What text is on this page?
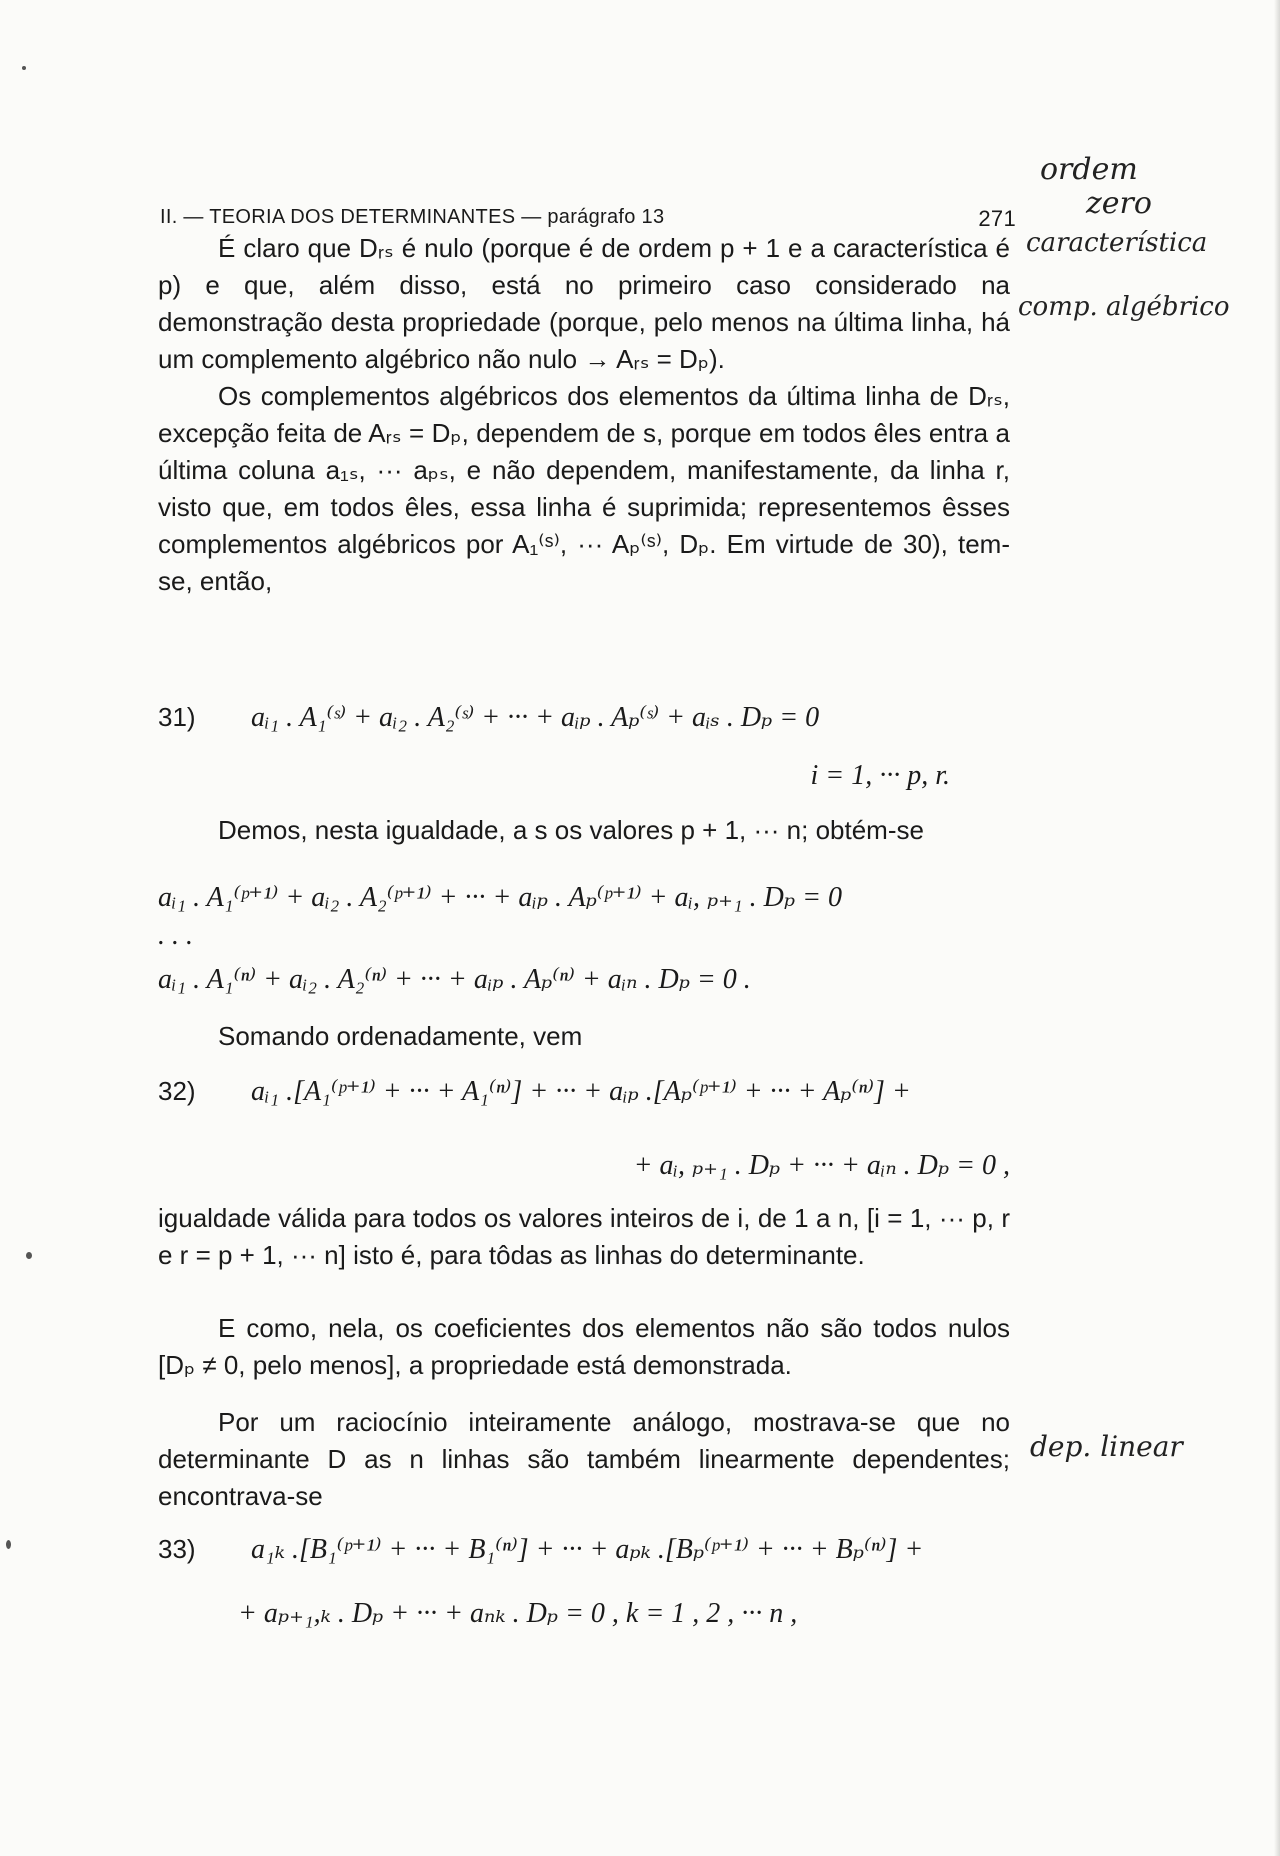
II. — TEORIA DOS DETERMINANTES — parágrafo 13	271

É claro que Dᵣₛ é nulo (porque é de ordem p + 1 e a característica é p) e que, além disso, está no primeiro caso considerado na demonstração desta propriedade (porque, pelo menos na última linha, há um complemento algébrico não nulo → Aᵣₛ = Dₚ).

Os complementos algébricos dos elementos da última linha de Dᵣₛ, excepção feita de Aᵣₛ = Dₚ, dependem de s, porque em todos êles entra a última coluna a₁ₛ, ··· aₚₛ, e não dependem, manifestamente, da linha r, visto que, em todos êles, essa linha é suprimida; representemos êsses complementos algébricos por A₁⁽ˢ⁾, ··· Aₚ⁽ˢ⁾, Dₚ. Em virtude de 30), tem-se, então,

31) aᵢ₁ . A₁⁽ˢ⁾ + aᵢ₂ . A₂⁽ˢ⁾ + ··· + aᵢₚ . Aₚ⁽ˢ⁾ + aᵢₛ . Dₚ = 0
i = 1, ··· p, r.

Demos, nesta igualdade, a s os valores p + 1, ··· n; obtém-se

aᵢ₁ . A₁⁽ᵖ⁺¹⁾ + aᵢ₂ . A₂⁽ᵖ⁺¹⁾ + ··· + aᵢₚ . Aₚ⁽ᵖ⁺¹⁾ + aᵢ, ₚ₊₁ . Dₚ = 0
. . .
aᵢ₁ . A₁⁽ⁿ⁾ + aᵢ₂ . A₂⁽ⁿ⁾ + ··· + aᵢₚ . Aₚ⁽ⁿ⁾ + aᵢₙ . Dₚ = 0 .

Somando ordenadamente, vem

32) aᵢ₁ .[A₁⁽ᵖ⁺¹⁾ + ··· + A₁⁽ⁿ⁾] + ··· + aᵢₚ .[Aₚ⁽ᵖ⁺¹⁾ + ··· + Aₚ⁽ⁿ⁾] +
+ aᵢ, ₚ₊₁ . Dₚ + ··· + aᵢₙ . Dₚ = 0 ,

igualdade válida para todos os valores inteiros de i, de 1 a n, [i = 1, ··· p, r e r = p + 1, ··· n] isto é, para tôdas as linhas do determinante.

E como, nela, os coeficientes dos elementos não são todos nulos [Dₚ ≠ 0, pelo menos], a propriedade está demonstrada.

Por um raciocínio inteiramente análogo, mostrava-se que no determinante D as n linhas são também linearmente dependentes; encontrava-se

33) a₁ₖ .[B₁⁽ᵖ⁺¹⁾ + ··· + B₁⁽ⁿ⁾] + ··· + aₚₖ .[Bₚ⁽ᵖ⁺¹⁾ + ··· + Bₚ⁽ⁿ⁾] +
+ aₚ₊₁,ₖ . Dₚ + ··· + aₙₖ . Dₚ = 0 , k = 1 , 2 , ··· n ,
ordem
zero
característica
comp. algébrico
dep. linear
